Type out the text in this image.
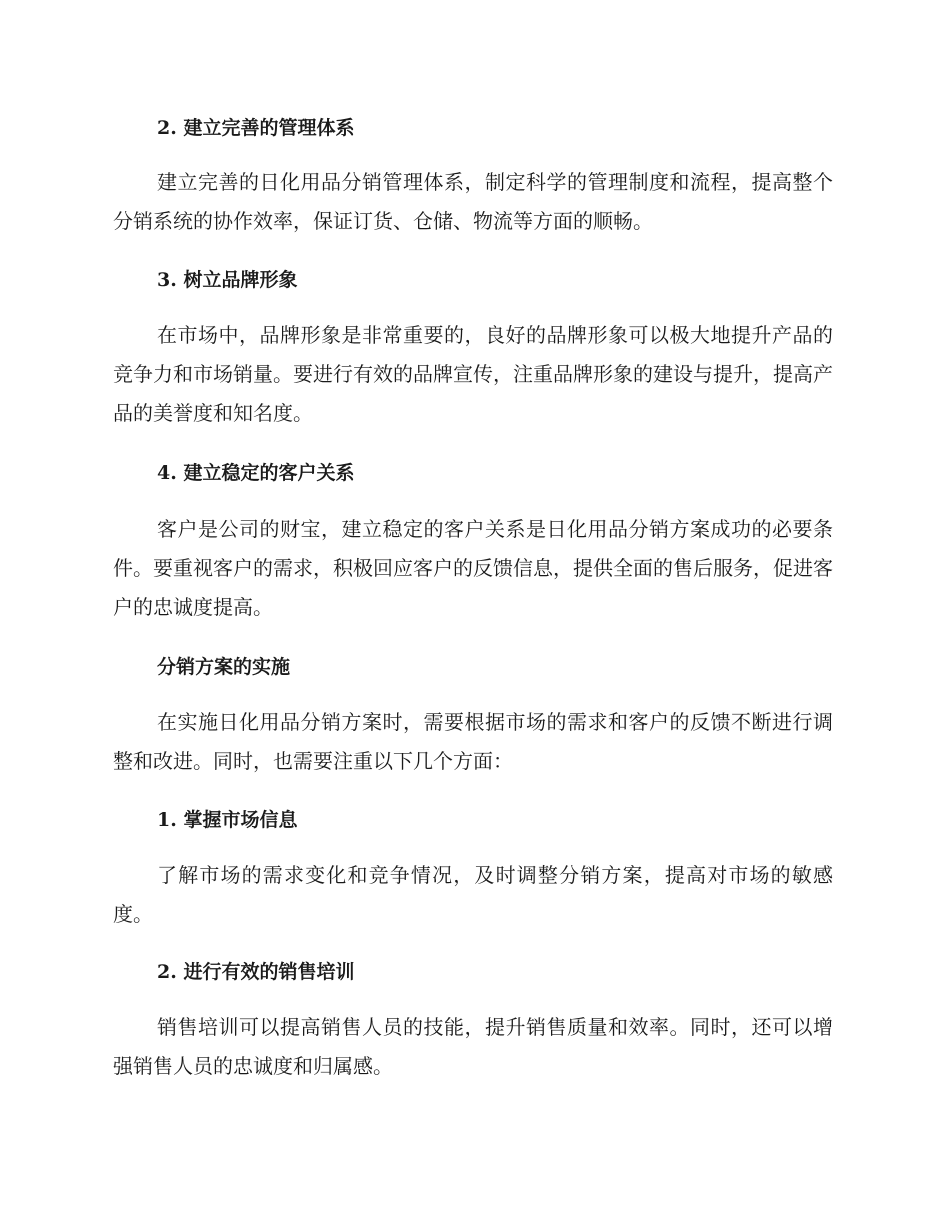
2. 建立完善的管理体系
建立完善的日化用品分销管理体系，制定科学的管理制度和流程，提高整个分销系统的协作效率，保证订货、仓储、物流等方面的顺畅。
3. 树立品牌形象
在市场中，品牌形象是非常重要的，良好的品牌形象可以极大地提升产品的竞争力和市场销量。要进行有效的品牌宣传，注重品牌形象的建设与提升，提高产品的美誉度和知名度。
4. 建立稳定的客户关系
客户是公司的财宝，建立稳定的客户关系是日化用品分销方案成功的必要条件。要重视客户的需求，积极回应客户的反馈信息，提供全面的售后服务，促进客户的忠诚度提高。
分销方案的实施
在实施日化用品分销方案时，需要根据市场的需求和客户的反馈不断进行调整和改进。同时，也需要注重以下几个方面：
1. 掌握市场信息
了解市场的需求变化和竞争情况，及时调整分销方案，提高对市场的敏感度。
2. 进行有效的销售培训
销售培训可以提高销售人员的技能，提升销售质量和效率。同时，还可以增强销售人员的忠诚度和归属感。
